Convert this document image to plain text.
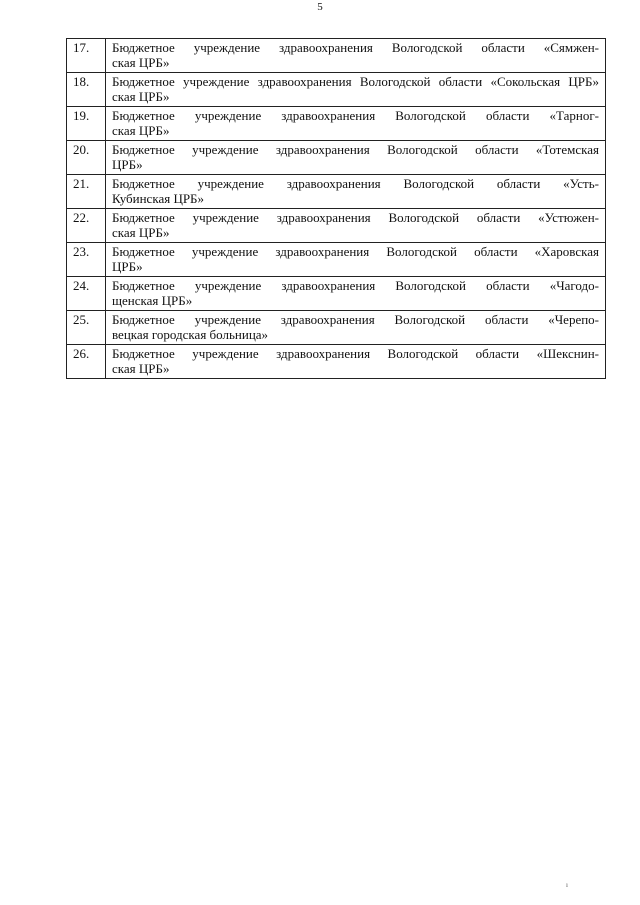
5
17.	Бюджетное учреждение здравоохранения Вологодской области «Сямжен-
ская ЦРБ»

18.	Бюджетное учреждение здравоохранения Вологодской области «Сокольская ЦРБ»
ская ЦРБ»

19.	Бюджетное учреждение здравоохранения Вологодской области «Тарног-
ская ЦРБ»

20.	Бюджетное учреждение здравоохранения Вологодской области «Тотемская
ЦРБ»

21.	Бюджетное учреждение здравоохранения Вологодской области «Усть-
Кубинская ЦРБ»

22.	Бюджетное учреждение здравоохранения Вологодской области «Устюжен-
ская ЦРБ»

23.	Бюджетное учреждение здравоохранения Вологодской области «Харовская
ЦРБ»

24.	Бюджетное учреждение здравоохранения Вологодской области «Чагодо-
щенская ЦРБ»

25.	Бюджетное учреждение здравоохранения Вологодской области «Черепо-
вецкая городская больница»

26.	Бюджетное учреждение здравоохранения Вологодской области «Шекснин-
ская ЦРБ»
ı
